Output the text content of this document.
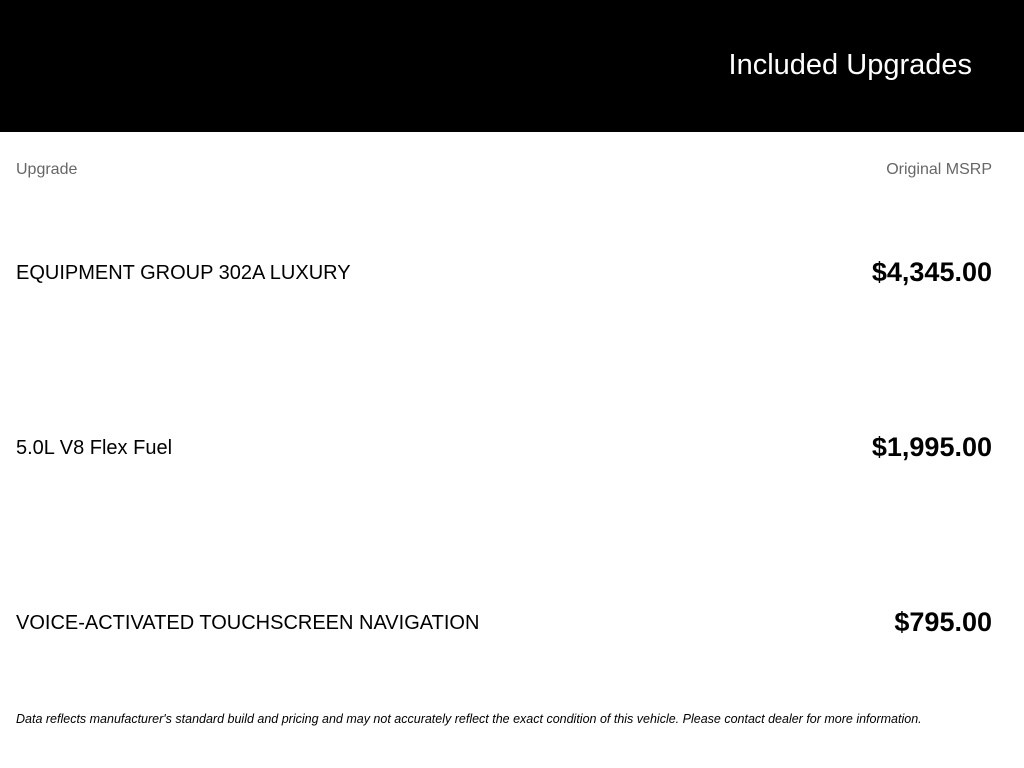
Included Upgrades
Upgrade	Original MSRP
EQUIPMENT GROUP 302A LUXURY	$4,345.00
5.0L V8 Flex Fuel	$1,995.00
VOICE-ACTIVATED TOUCHSCREEN NAVIGATION	$795.00
Data reflects manufacturer's standard build and pricing and may not accurately reflect the exact condition of this vehicle. Please contact dealer for more information.
